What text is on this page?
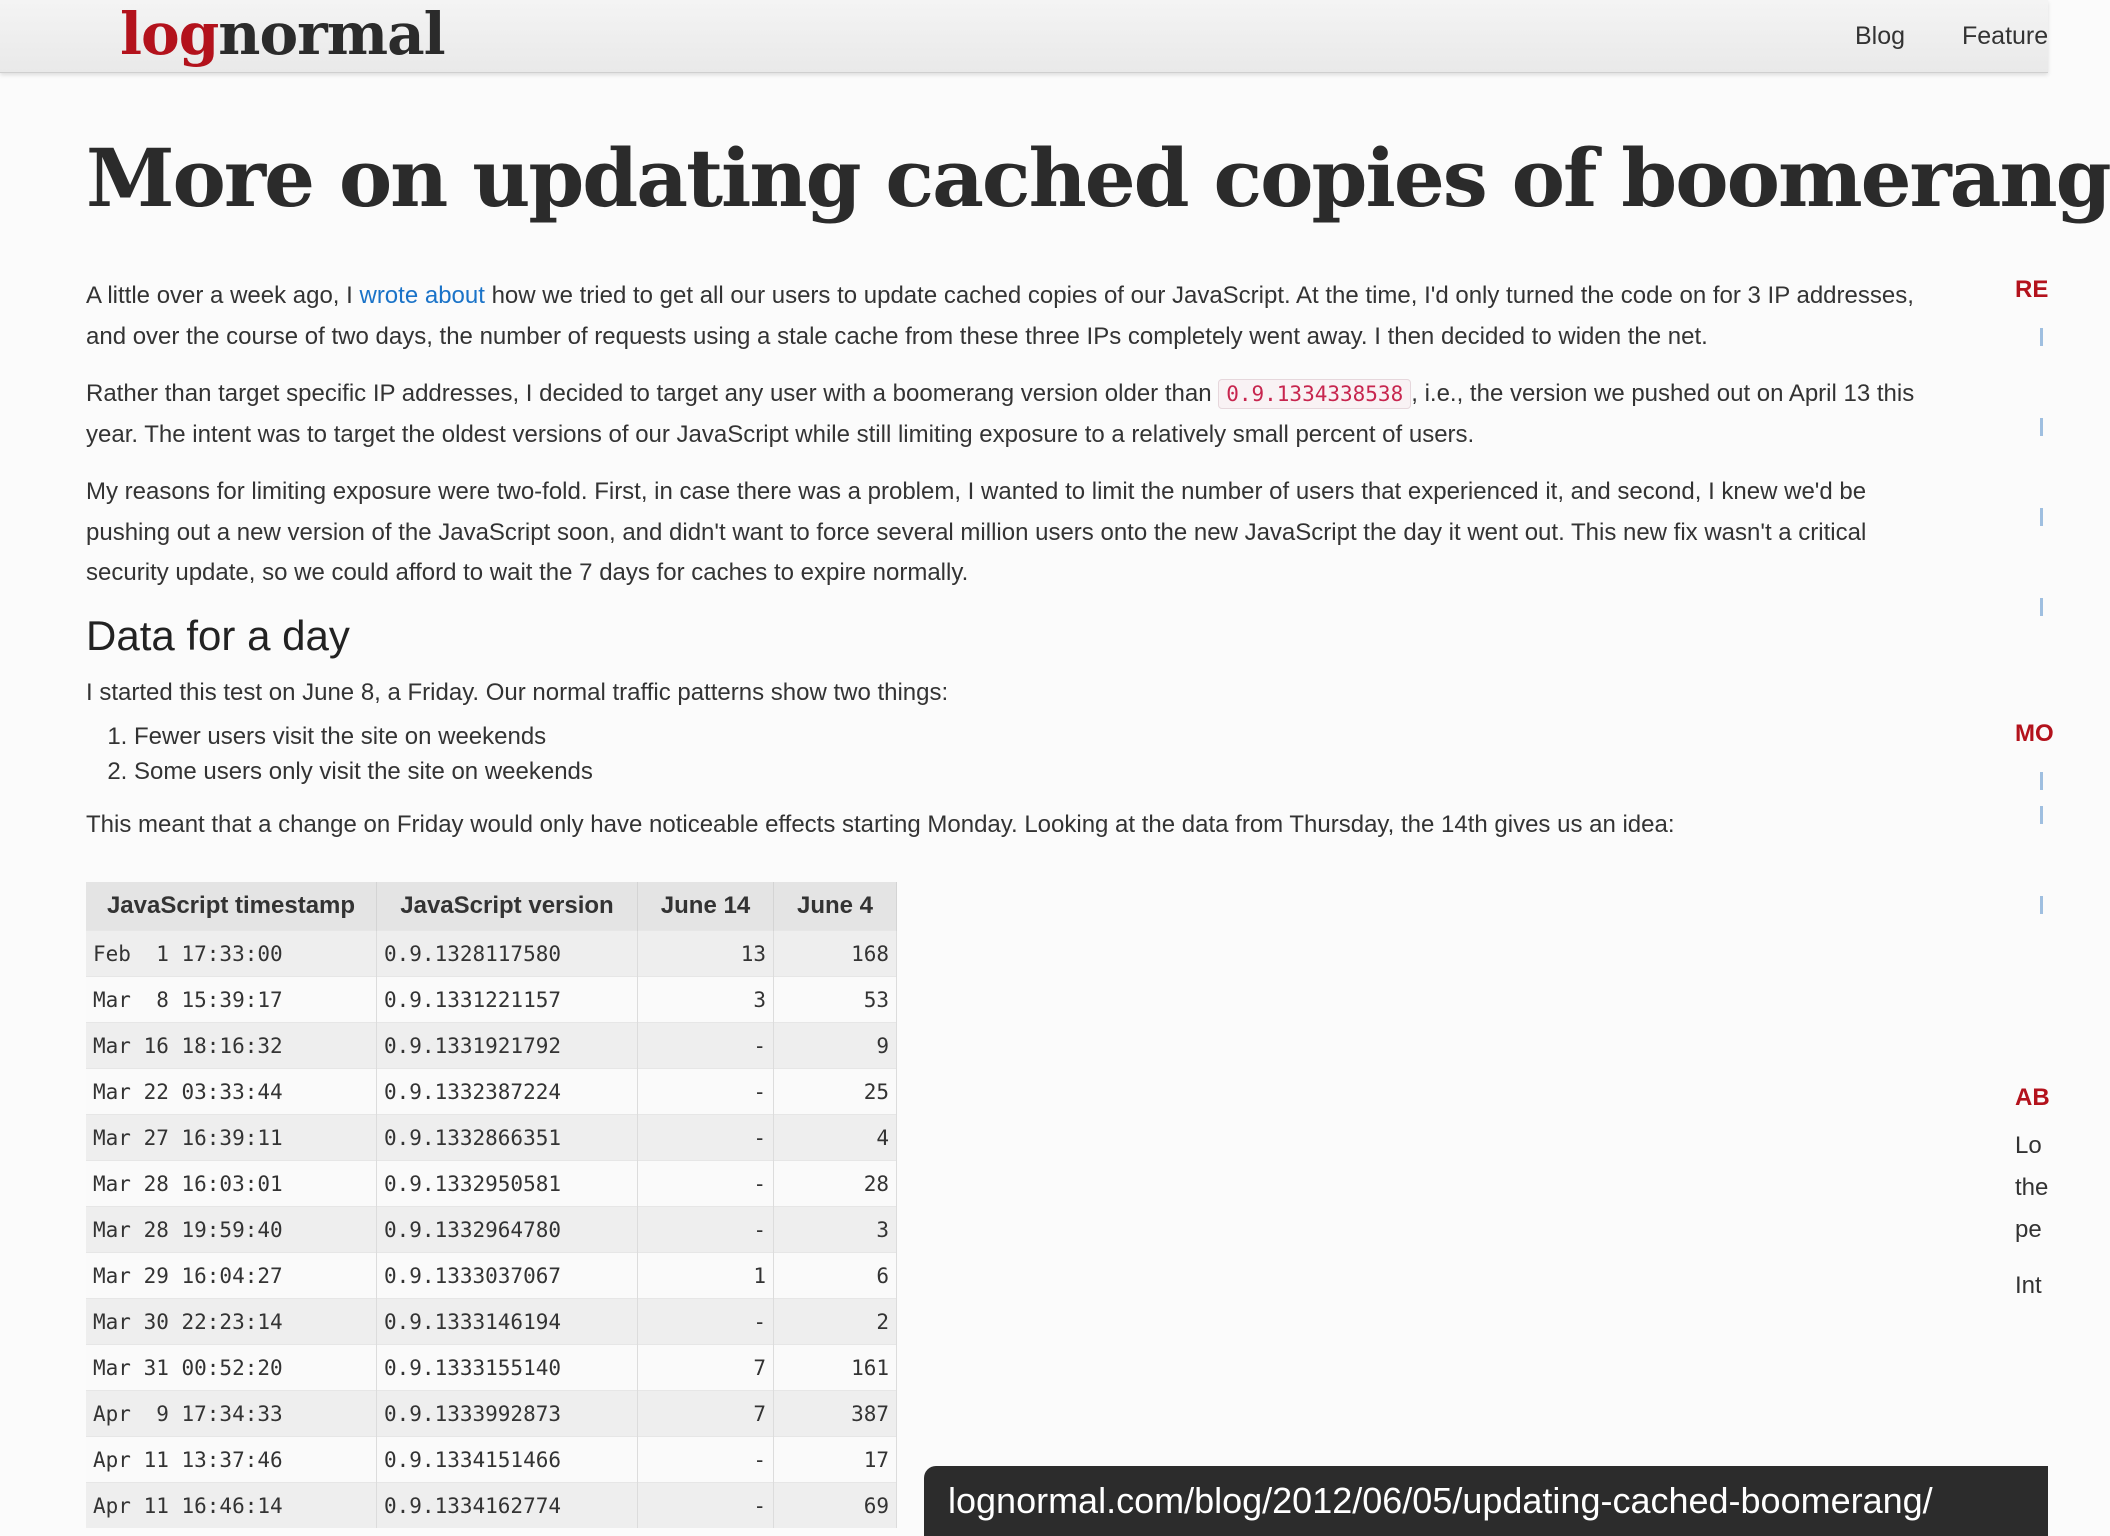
lognormal	Blog Feature
More on updating cached copies of boomerang

A little over a week ago, I wrote about how we tried to get all our users to update cached copies of our JavaScript. At the time, I'd only turned the code on for 3 IP addresses, and over the course of two days, the number of requests using a stale cache from these three IPs completely went away. I then decided to widen the net.

Rather than target specific IP addresses, I decided to target any user with a boomerang version older than 0.9.1334338538 , i.e., the version we pushed out on April 13 this year. The intent was to target the oldest versions of our JavaScript while still limiting exposure to a relatively small percent of users.

My reasons for limiting exposure were two-fold. First, in case there was a problem, I wanted to limit the number of users that experienced it, and second, I knew we'd be pushing out a new version of the JavaScript soon, and didn't want to force several million users onto the new JavaScript the day it went out. This new fix wasn't a critical security update, so we could afford to wait the 7 days for caches to expire normally.

Data for a day

I started this test on June 8, a Friday. Our normal traffic patterns show two things:

1. Fewer users visit the site on weekends
2. Some users only visit the site on weekends

This meant that a change on Friday would only have noticeable effects starting Monday. Looking at the data from Thursday, the 14th gives us an idea:

JavaScript timestamp	JavaScript version	June 14	June 4
Feb  1 17:33:00	0.9.1328117580	13	168
Mar  8 15:39:17	0.9.1331221157	3	53
Mar 16 18:16:32	0.9.1331921792	-	9
Mar 22 03:33:44	0.9.1332387224	-	25
Mar 27 16:39:11	0.9.1332866351	-	4
Mar 28 16:03:01	0.9.1332950581	-	28
Mar 28 19:59:40	0.9.1332964780	-	3
Mar 29 16:04:27	0.9.1333037067	1	6
Mar 30 22:23:14	0.9.1333146194	-	2
Mar 31 00:52:20	0.9.1333155140	7	161
Apr  9 17:34:33	0.9.1333992873	7	387
Apr 11 13:37:46	0.9.1334151466	-	17
Apr 11 16:46:14	0.9.1334162774	-	69
RE
MO
AB
Lo
the
pe
Int
lognormal.com/blog/2012/06/05/updating-cached-boomerang/
